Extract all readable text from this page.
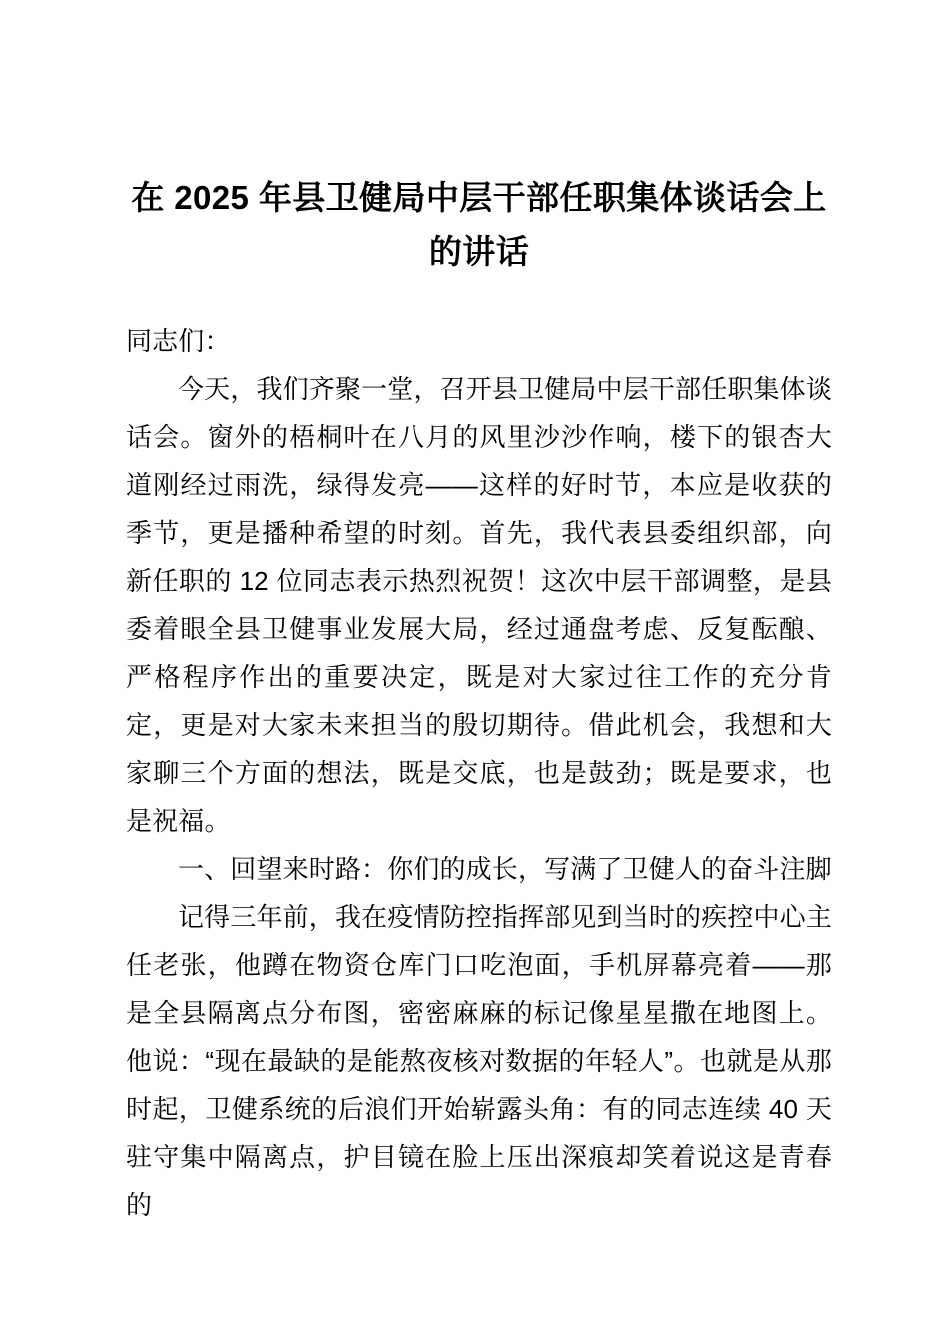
在 2025 年县卫健局中层干部任职集体谈话会上的讲话

同志们：

今天，我们齐聚一堂，召开县卫健局中层干部任职集体谈话会。窗外的梧桐叶在八月的风里沙沙作响，楼下的银杏大道刚经过雨洗，绿得发亮——这样的好时节，本应是收获的季节，更是播种希望的时刻。首先，我代表县委组织部，向新任职的 12 位同志表示热烈祝贺！这次中层干部调整，是县委着眼全县卫健事业发展大局，经过通盘考虑、反复酝酿、严格程序作出的重要决定，既是对大家过往工作的充分肯定，更是对大家未来担当的殷切期待。借此机会，我想和大家聊三个方面的想法，既是交底，也是鼓劲；既是要求，也是祝福。

一、回望来时路：你们的成长，写满了卫健人的奋斗注脚

记得三年前，我在疫情防控指挥部见到当时的疾控中心主任老张，他蹲在物资仓库门口吃泡面，手机屏幕亮着——那是全县隔离点分布图，密密麻麻的标记像星星撒在地图上。他说：“现在最缺的是能熬夜核对数据的年轻人”。也就是从那时起，卫健系统的后浪们开始崭露头角：有的同志连续 40 天驻守集中隔离点，护目镜在脸上压出深痕却笑着说这是青春的
